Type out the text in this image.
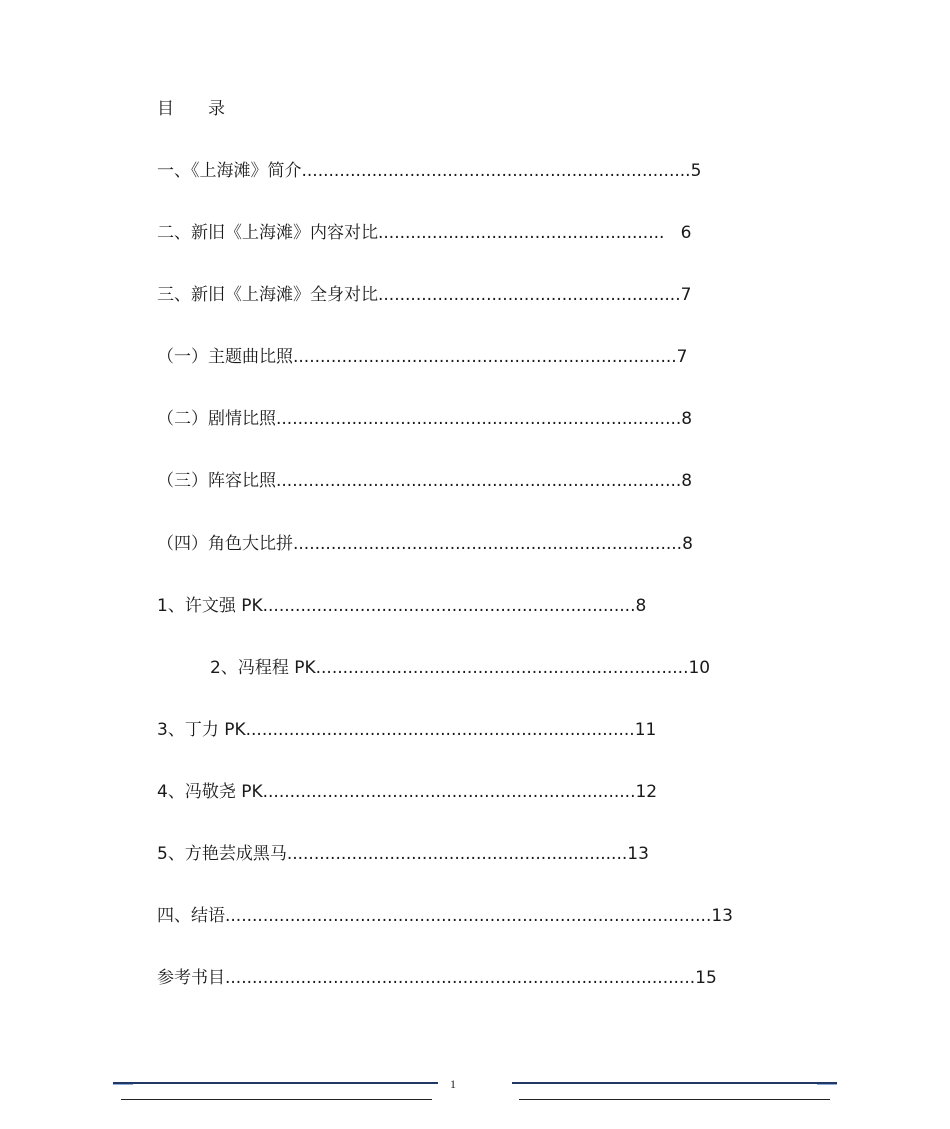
目　　录
一、《上海滩》简介........................................................................5
二、新旧《上海滩》内容对比.....................................................   6
三、新旧《上海滩》全身对比........................................................7
（一）主题曲比照.......................................................................7
（二）剧情比照...........................................................................8
（三）阵容比照...........................................................................8
（四）角色大比拼........................................................................8
1、许文强 PK.....................................................................8
2、冯程程 PK.....................................................................10
3、丁力 PK........................................................................11
4、冯敬尧 PK.....................................................................12
5、方艳芸成黑马...............................................................13
四、结语..........................................................................................13
参考书目.......................................................................................15
1
